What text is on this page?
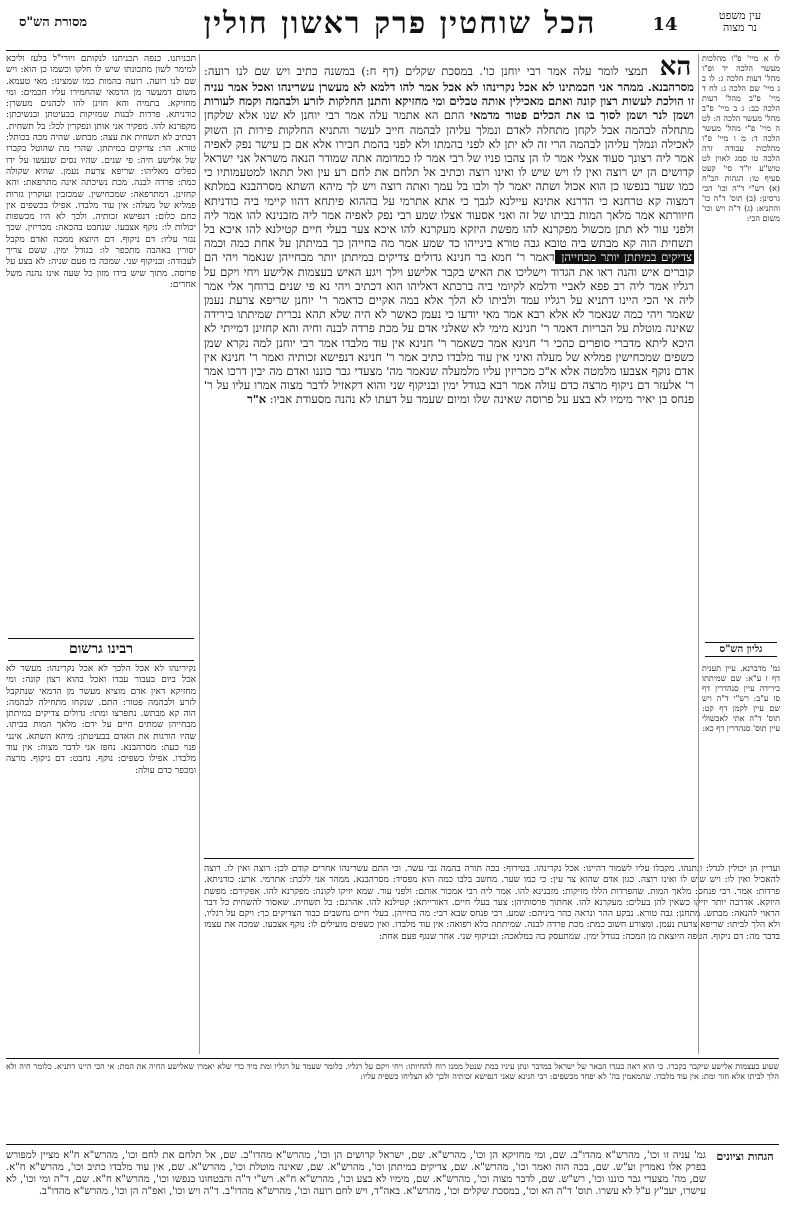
מסורת הש"ס	הכל שוחטין פרק ראשון חולין	14	עין משפט
נר מצוה
לו א מיי' פ"ו מהלכות מעשר הלכה יד ופ"ו מהל' דעות הלכה ג: לו ב ג מיי' שם הלכה ג: לח ד מיי' פ"ב מהל' דעות הלכה כב: ג ב מיי' פ"ב מהל' מעשר הלכה ה: לט ה מיי' פ"י מהל' מעשר הלכה ד: מ ו מיי' פ"ו מהלכות עבודה זרה הלכה טו סמג לאוין לט טוש"ע יו"ד סי' קעט סעיף טו: הגהות הב"ח (א) רש"י ד"ה וכו' הכי גרסינן: (ב) תוס' ד"ה כו' והתניא: (ג) ד"ה ויש וכו' משום הכי:
גליון הש"ס
גמ' מדברנא. עיין תענית דף ז ע"א: שם שמיתתו בירידה עיין סנהדרין דף סז ע"ב: רש"י ד"ה ויש שם עיין לקמן דף קט: תוס' ד"ה אתי לאכשולי עיין תוס' סנהדרין דף כא:
הא תמצי לומר עלה אמר רבי יוחנן כו'. במסכת שקלים (דף ח:) במשנה כתיב ויש שם לנו רועה: מסרהבנא. ממהר אני חכמתינו לא אכל נקרינהו לא אכל אמר להו דלמא לא מעשרן עשרינהו ואכל אמר עניה זו הולכת לעשות רצון קונה ואתם מאכילין אותה טבלים ומי מחזיקא והתנן החלקות לזרע ולבהמה וקמח לעורות ושמן לנר ושמן לסוך בו את הכלים פטור מדמאי התם הא אתמר עלה אמר רבי יוחנן לא שנו אלא שלקחן מתחלה לבהמה אבל לקחן מתחלה לאדם ונמלך עליהן לבהמה חייב לעשר והתניא החלקות פירות הן השוק לאכילה ונמלך עליהן לבהמה הרי זה לא יתן לא לפני בהמתו ולא לפני בהמת חבירו אלא אם כן עישר נפק לאפיה אמר ליה רצונך סעוד אצלי אמר לו הן צהבו פניו של רבי אמר לו כמדומה אתה שמודר הנאה משראל אני ישראל קדושים הן יש רוצה ואין לו ויש שיש לו ואינו רוצה וכתיב אל תלחם את לחם רע עין ואל תתאו למטעמותיו כי כמו שער בנפשו כן הוא אכול ושתה יאמר לך ולבו בל עמך ואתה רוצה ויש לך מיהא השתא מסרהבנא במלתא דמצוה קא טרחנא כי הדרנא אתינא עיילנא לגבך כי אתא אתרמי על בההוא פיתחא דהוו קיימי ביה כודניתא חיוורתא אמר מלאך המות בביתו של זה ואני אסעוד אצלו שמע רבי נפק לאפיה אמר ליה מזבנינא להו אמר ליה ולפני עור לא תתן מכשול מפקרנא להו מפשת היזקא מעקרנא להו איכא צער בעלי חיים קטילנא להו איכא בל תשחית הוה קא מבתש ביה טובא גבה טורא בינייהו כד שמע אמר מה בחייהן כך במיתתן על אחת כמה וכמה צדיקים במיתתן יותר מבחייהן דאמר ר' חמא בר חנינא גדולים צדיקים במיתתן יותר מבחייהן שנאמר ויהי הם קוברים איש והנה ראו את הגדוד וישליכו את האיש בקבר אלישע וילך ויגע האיש בעצמות אלישע ויחי ויקם על רגליו אמר ליה רב פפא לאביי ודלמא לקיומי ביה ברכתא דאליהו הוא דכתיב ויהי נא פי שנים ברוחך אלי אמר ליה אי הכי היינו דתניא על רגליו עמד ולביתו לא הלך אלא במה אקיים כדאמר ר' יוחנן שריפא צרעת נעמן שאמר ויהי כמה שנאמר לא אלא רבא אמר מאי יודעו כי נעמן כאשר לא היה שלא תהא נכרית שמיתתו בירידה שאינה מוטלת על הבריות דאמר ר' חנינא מימי לא שאלני אדם על מכת פרדה לבנה וחיה והא קחזינן דמייתי לא היכא ליתא מדברי סופרים כהכי ר' חנינא אמר כשאמר ר' חנינא אין עוד מלבדו אמר רבי יוחנן למה נקרא שמן כשפים שמכחישין פמליא של מעלה ואיני אין עוד מלבדו כתיב אמר ר' חנינא דנפישא זכותיה ואמר ר' חנינא אין אדם נוקף אצבעו מלמטה אלא א"כ מכריזין עליו מלמעלה שנאמר מה' מצעדי גבר כוננו ואדם מה יבין דרכו אמר ר' אלעזר דם ניקוף מרצה כדם עולה אמר רבא בגודל ימין ובניקוף שני והוא דקאזיל לדבר מצוה אמרו עליו על ר' פנחס בן יאיר מימיו לא בצע על פרוסה שאינה שלו ומיום שעמד על דעתו לא נהנה מסעודת אביו: א"ר
תכניתנו. כנפה תכניתנו לנקותם ויורי"ל בלעז וליכא למימר לשון מתכונתו שיש לו חלקו וכשמו כן הוא: ויש שם לנו רועה. רועה בהמות כמו שמצינו: מאי טעמא. משום דמעשר מן הדמאי שהחמירו עליו חכמים: ומי מחזיקא. בתמיה והא חזינן להו לכהנים מעשרן: כודניתא. פרדות לבנות שמזיקות בבעיטתן ובנשיכתן: מקפרנא להו. מפקיר אני אותן ונפקרין לכל: בל תשחית. דכתיב לא תשחית את עצה: מבתש. שהיה מכה בכותל: טורא. הר: צדיקים במיתתן. שהרי מת שהוטל בקברו של אלישע חיה: פי שנים. שהיו נסים שנעשו על ידו כפלים מאליהו: שריפא צרעת נעמן. שהיא שקולה כמת: פרדה לבנה. מכת נשיכתה אינה מתרפאת: והא קחזינן. דמתרפאה: שמכחישין. שמכזבין ועוקרין גזרות פמליא של מעלה: אין עוד מלבדו. אפילו בכשפים אין כחם כלום: דנפישא זכותיה. ולכך לא היו מכשפות יכולות לו: נוקף אצבעו. שנחבט בהכאה: מכריזין. שכך נגזר עליו: דם ניקוף. דם היוצא ממכה ואדם מקבל יסורין באהבה מתכפר לו: בגודל ימין. ששם צריך לעבודה: ובניקוף שני. שמכה בו פעם שניה: לא בצע על פרוסה. מתוך שיש בידו מזון כל שעה אינו נהנה משל אחרים:
רבינו גרשום
נקירינהו לא אכל הלכך לא אכל נקרינהו: מעשר לא אכל ביום בעבור עבדו ואכל בהוא רצון קונה: ומי מחזיקא דאין אדם מוציא מעשר מן הדמאי שנתקבל לזרע ולבהמה פטור: התם. שנקחו מתחילה לבהמה: הוה קא מבתש. נתפרצו ומתו: גדולים צדיקים במיתתן מבחייהן שמתים חיים על ידם: מלאך המות בביתו. שהיו הורגות את האדם בבעיטתן: מיהא השתא. אינני פנוי כעת: מסרהבנא. נחפז אני לדבר מצוה: אין עוד מלבדו. אפילו כשפים: נוקף. נחבט: דם ניקוף. מרצה ומכפר כדם עולה:
ועדיין הן יכולין לגדל: ונתנהו. מקבלו עליו לשמור דהיינו: אכל נקרינהו. בטירוף: בכה תורה בהמה גבי עשר. וכי התם עשרינהו אחרים קודם לכן: רוצה ואין לו. רוצה להאכיל ואין לו: ויש שיש לו ואינו רוצה. כגון אדם שהוא צר עין: כי כמו שער. מחשב בלבו כמה הוא מפסיד: מסרהבנא. ממהר אני ללכת: אתרמי. ארע: כודניתא. פרדות: אמר. רבי פנחס: מלאך המות. שהפרדות הללו מזיקות: מזבנינא להו. אמר ליה רבי אמכור אותם: ולפני עור. שמא יזיקו לקונה: מפקרנא להו. אפקירם: מפשת היזקא. אדרבה יותר יזיקו כשאין להן בעלים: מעקרנא להו. אחתוך פרסותיהן: צער בעלי חיים. דאורייתא: קטילנא להו. אהרגם: בל תשחית. שאסור להשחית כל דבר הראוי להנאה: מבתש. מתחנן: גבה טורא. נבקע ההר ונראה כהר ביניהם: שמע. רבי פנחס שבא רבי: מה בחייהן. בעלי חיים נחשבים כבוד הצדיקים כך: ויקם על רגליו. ולא הלך לביתו: שריפא צרעת נעמן. ומצורע חשוב כמת: מכת פרדה לבנה. שמיתתה בלא רפואה: אין עוד מלבדו. ואין כשפים מועילים לו: נוקף אצבעו. שמכה את עצמו בדבר מה: דם ניקוף. הטפה היוצאת מן המכה: בגודל ימין. שמתעסק בה במלאכה: ובניקוף שני. אחר שנגף פעם אחת:
שעוע בעצמות אלישע שיקבר בקברו. כי הוא ראה כנגדו הבאר של ישראל במדבר ונתן עיניו במת שנטל ממנו רוח להחיותו: ויחי ויקם על רגליו. כלומר שעמד על רגליו ומת מיד כדי שלא יאמרו שאלישע החיה את המת: אי הכי היינו דתניא. כלומר חיה ולא הלך לביתו אלא חזר ומת: אין עוד מלבדו. שהמאמין בה' לא יפחד מכשפים: רבי חנינא שאני דנפישא זכותיה ולכך לא הצליחו כשפיה עליו:
הגהות וציונים
גמ' עניה זו וכו', מהרש"א מהדו"ב. שם, ומי מחזיקא הן וכו', מהרש"א. שם, ישראל קדושים הן וכו', מהרש"א מהדו"ב. שם, אל תלחם את לחם וכו', מהרש"א ח"א מציין למפורש בפרק אלו נאמרין וע"ש. שם, בכה הוה ואמר וכו', מהרש"א. שם, צדיקים במיתתן וכו', מהרש"א. שם, שאינה מוטלת וכו', מהרש"א. שם, אין עוד מלבדו כתיב וכו', מהרש"א ח"א. שם, מה' מצעדי גבר כוננו וכו', רש"ש. שם, לדבר מצוה וכו', מהרש"א. שם, מימיו לא בצע וכו', מהרש"א ח"א. רש"י ד"ה והבטחונו בנפשו וכו', מהרש"א ח"א. שם, ד"ה ומי וכו', לא עישרו, יעב"ץ ע"ל לא עשרו. תוס' ד"ה הא וכו', במסכת שקלים וכו', מהרש"א. באה"ד, ויש לחם רועה וכו', מהרש"א מהדו"ב. ד"ה ויש וכו', ואפ"ה הן וכו', מהרש"א מהדו"ב.
